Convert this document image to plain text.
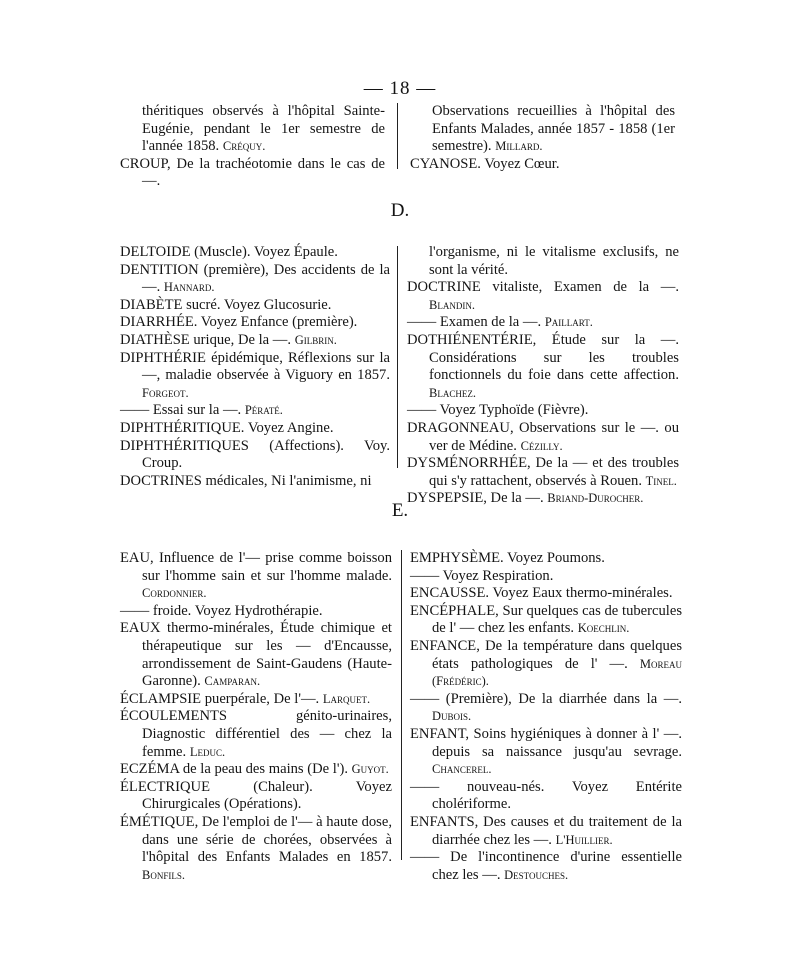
— 18 —
théritiques observés à l'hôpital Sainte-Eugénie, pendant le 1er semestre de l'année 1858. Créquy.
CROUP, De la trachéotomie dans le cas de —.
Observations recueillies à l'hôpital des Enfants Malades, année 1857 - 1858 (1er semestre). Millard.
CYANOSE. Voyez Cœur.
D.
DELTOIDE (Muscle). Voyez Épaule.
DENTITION (première), Des accidents de la —. Hannard.
DIABÈTE sucré. Voyez Glucosurie.
DIARRHÉE. Voyez Enfance (première).
DIATHÈSE urique, De la —. Gilbrin.
DIPHTHÉRIE épidémique, Réflexions sur la —, maladie observée à Viguory en 1857. Forgeot.
—— Essai sur la —. Pératé.
DIPHTHÉRITIQUE. Voyez Angine.
DIPHTHÉRITIQUES (Affections). Voy. Croup.
DOCTRINES médicales, Ni l'animisme, ni
l'organisme, ni le vitalisme exclusifs, ne sont la vérité.
DOCTRINE vitaliste, Examen de la —. Blandin.
—— Examen de la —. Paillart.
DOTHIÉNENTÉRIE, Étude sur la —. Considérations sur les troubles fonctionnels du foie dans cette affection. Blachez.
—— Voyez Typhoïde (Fièvre).
DRAGONNEAU, Observations sur le —. ou ver de Médine. Cézilly.
DYSMÉNORRHÉE, De la — et des troubles qui s'y rattachent, observés à Rouen. Tinel.
DYSPEPSIE, De la —. Briand-Durocher.
E.
EAU, Influence de l'— prise comme boisson sur l'homme sain et sur l'homme malade. Cordonnier.
—— froide. Voyez Hydrothérapie.
EAUX thermo-minérales, Étude chimique et thérapeutique sur les — d'Encausse, arrondissement de Saint-Gaudens (Haute-Garonne). Camparan.
ÉCLAMPSIE puerpérale, De l'—. Larquet.
ÉCOULEMENTS génito-urinaires, Diagnostic différentiel des — chez la femme. Leduc.
ECZÉMA de la peau des mains (De l'). Guyot.
ÉLECTRIQUE (Chaleur). Voyez Chirurgicales (Opérations).
ÉMÉTIQUE, De l'emploi de l'— à haute dose, dans une série de chorées, observées à l'hôpital des Enfants Malades en 1857. Bonfils.
EMPHYSÈME. Voyez Poumons.
—— Voyez Respiration.
ENCAUSSE. Voyez Eaux thermo-minérales.
ENCÉPHALE, Sur quelques cas de tubercules de l' — chez les enfants. Koechlin.
ENFANCE, De la température dans quelques états pathologiques de l' —. Moreau (Frédéric).
—— (Première), De la diarrhée dans la —. Dubois.
ENFANT, Soins hygiéniques à donner à l' —. depuis sa naissance jusqu'au sevrage. Chancerel.
—— nouveau-nés. Voyez Entérite cholériforme.
ENFANTS, Des causes et du traitement de la diarrhée chez les —. L'Huillier.
—— De l'incontinence d'urine essentielle chez les —. Destouches.
